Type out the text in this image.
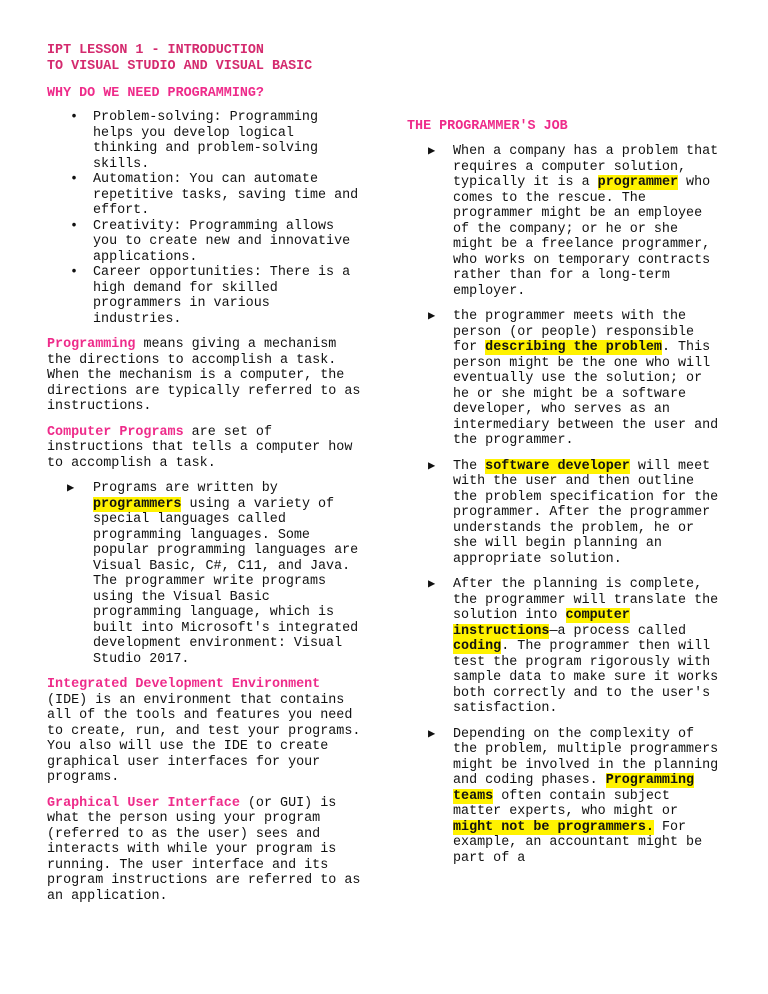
IPT LESSON 1 - INTRODUCTION
TO VISUAL STUDIO AND VISUAL BASIC
WHY DO WE NEED PROGRAMMING?
• Problem-solving: Programming helps you develop logical thinking and problem-solving skills.
• Automation: You can automate repetitive tasks, saving time and effort.
• Creativity: Programming allows you to create new and innovative applications.
• Career opportunities: There is a high demand for skilled programmers in various industries.

Programming means giving a mechanism the directions to accomplish a task. When the mechanism is a computer, the directions are typically referred to as instructions.

Computer Programs are set of instructions that tells a computer how to accomplish a task.

▶ Programs are written by programmers using a variety of special languages called programming languages. Some popular programming languages are Visual Basic, C#, C11, and Java. The programmer write programs using the Visual Basic programming language, which is built into Microsoft's integrated development environment: Visual Studio 2017.

Integrated Development Environment (IDE) is an environment that contains all of the tools and features you need to create, run, and test your programs. You also will use the IDE to create graphical user interfaces for your programs.

Graphical User Interface (or GUI) is what the person using your program (referred to as the user) sees and interacts with while your program is running. The user interface and its program instructions are referred to as an application.

THE PROGRAMMER'S JOB
▶ When a company has a problem that requires a computer solution, typically it is a programmer who comes to the rescue. The programmer might be an employee of the company; or he or she might be a freelance programmer, who works on temporary contracts rather than for a long-term employer.
▶ the programmer meets with the person (or people) responsible for describing the problem. This person might be the one who will eventually use the solution; or he or she might be a software developer, who serves as an intermediary between the user and the programmer.
▶ The software developer will meet with the user and then outline the problem specification for the programmer. After the programmer understands the problem, he or she will begin planning an appropriate solution.
▶ After the planning is complete, the programmer will translate the solution into computer instructions—a process called coding. The programmer then will test the program rigorously with sample data to make sure it works both correctly and to the user's satisfaction.
▶ Depending on the complexity of the problem, multiple programmers might be involved in the planning and coding phases. Programming teams often contain subject matter experts, who might or might not be programmers. For example, an accountant might be part of a
